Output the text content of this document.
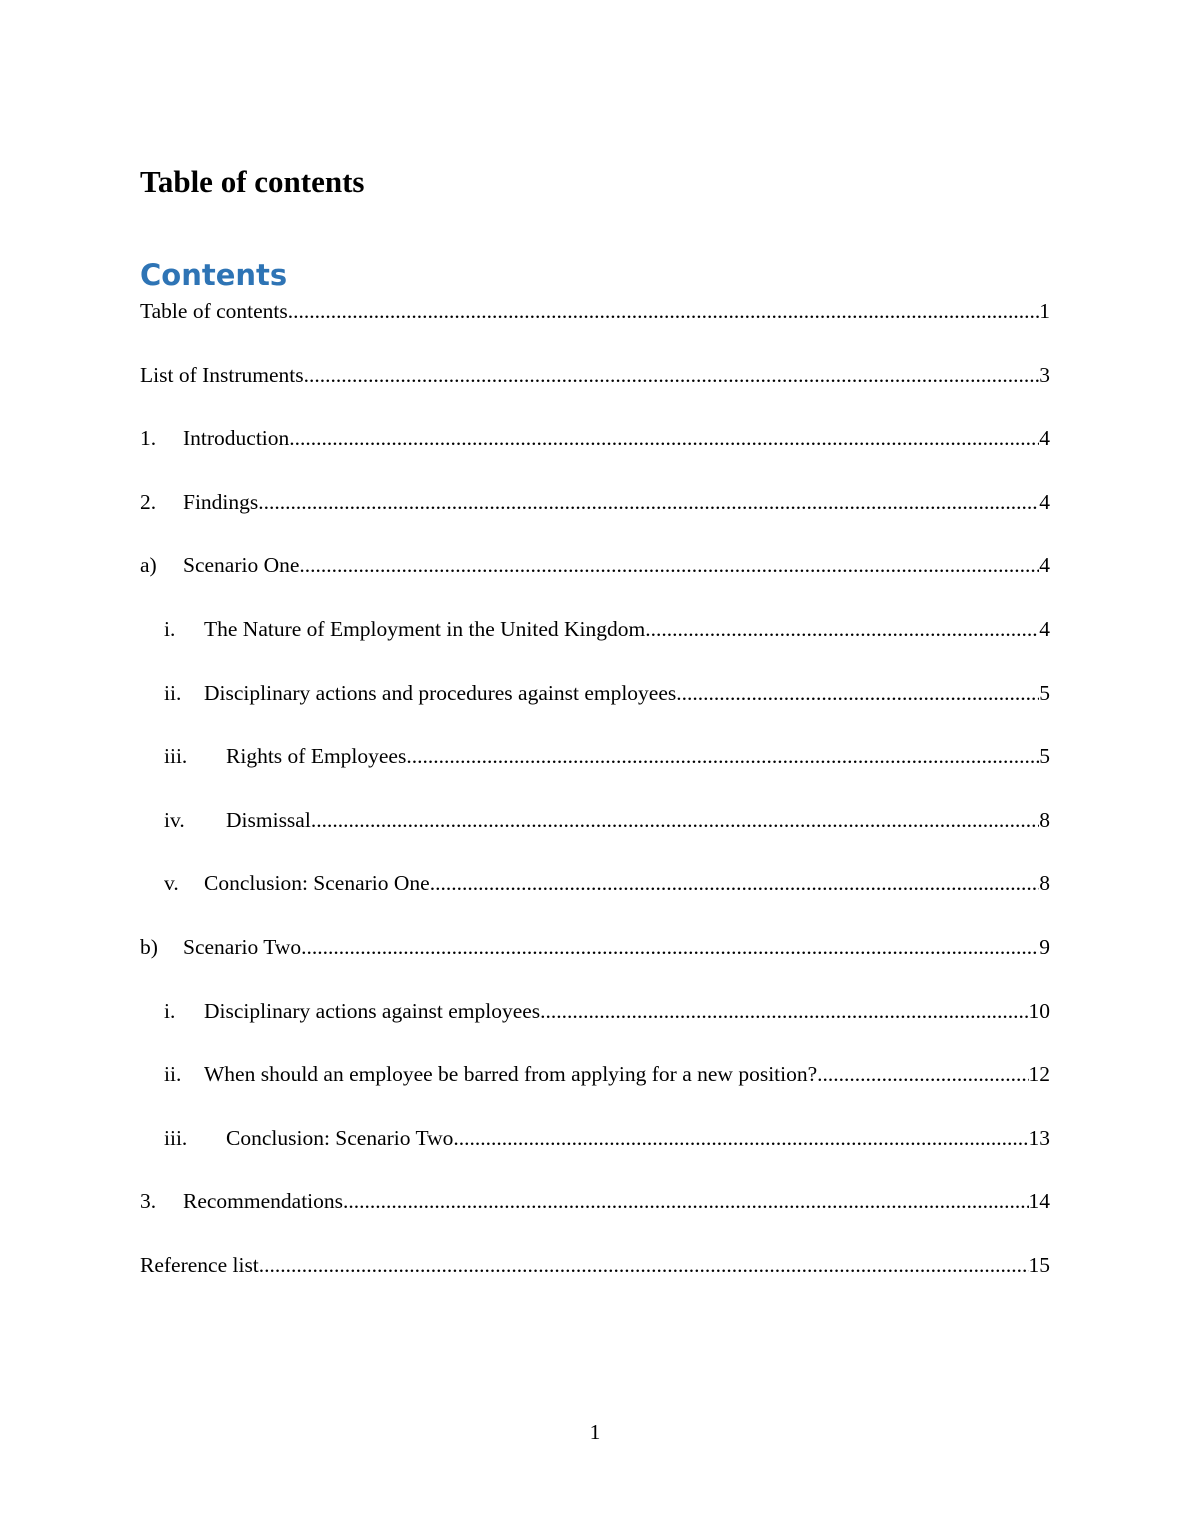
Table of contents
Contents
Table of contents .....	1
List of Instruments .....	3
1.	Introduction .....	4
2.	Findings .....	4
a)	Scenario One .....	4
i.	The Nature of Employment in the United Kingdom .....	4
ii.	Disciplinary actions and procedures against employees .....	5
iii.	Rights of Employees .....	5
iv.	Dismissal .....	8
v.	Conclusion: Scenario One .....	8
b)	Scenario Two .....	9
i.	Disciplinary actions against employees .....	10
ii.	When should an employee be barred from applying for a new position? .....	12
iii.	Conclusion: Scenario Two .....	13
3.	Recommendations .....	14
Reference list .....	15
1
